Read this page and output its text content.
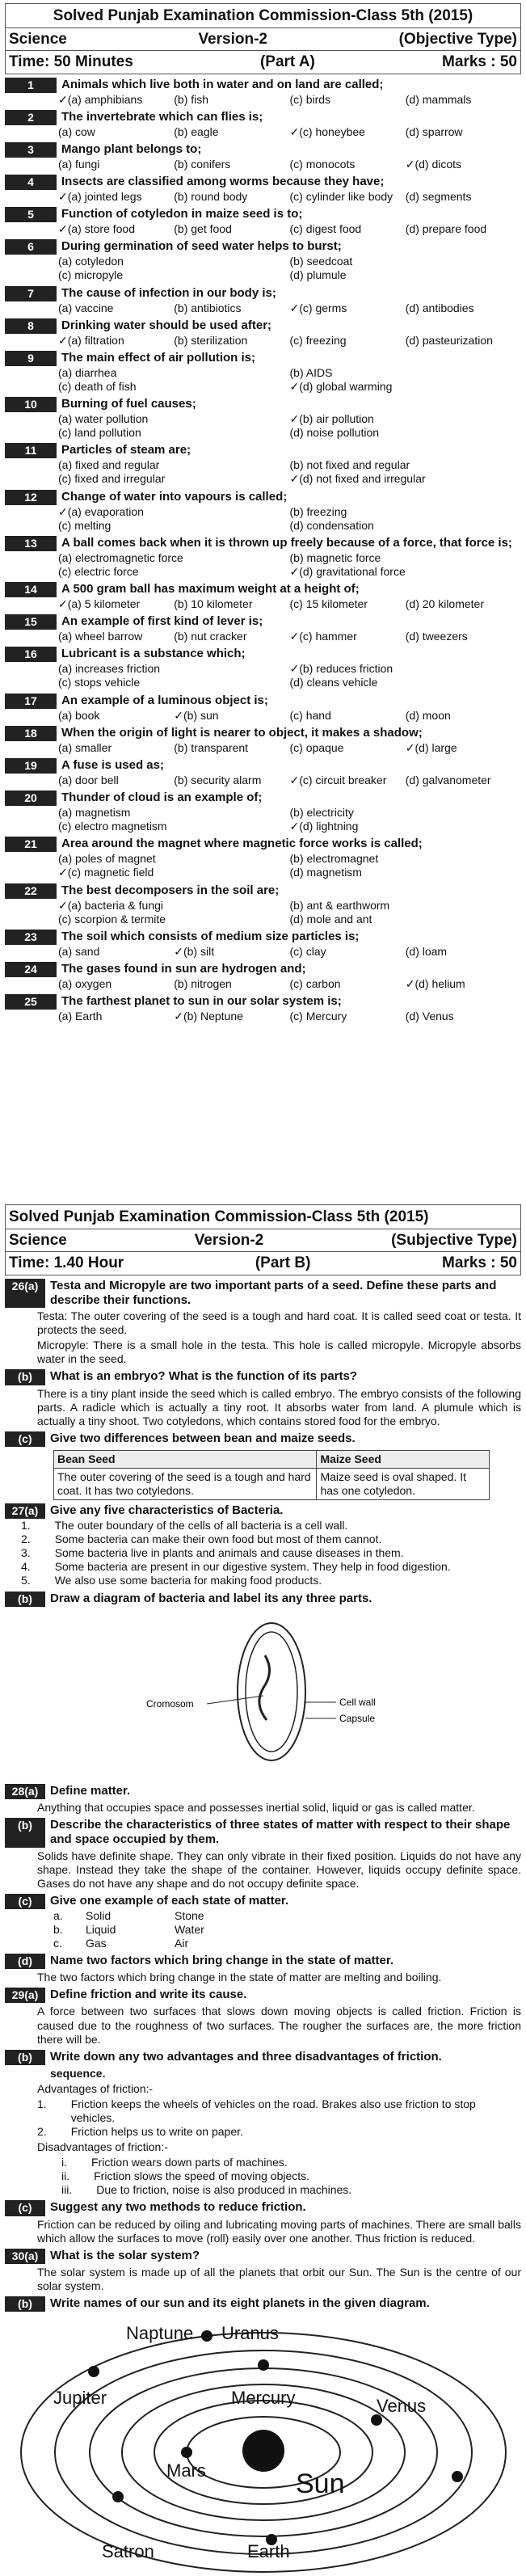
Solved Punjab Examination Commission-Class 5th (2015)
Science	Version-2	(Objective Type)
Time: 50 Minutes	(Part A)	Marks : 50
1	Animals which live both in water and on land are called;
✓(a) amphibians	(b) fish	(c) birds	(d) mammals
2	The invertebrate which can flies is;
(a) cow	(b) eagle	✓(c) honeybee	(d) sparrow
3	Mango plant belongs to;
(a) fungi	(b) conifers	(c) monocots	✓(d) dicots
4	Insects are classified among worms because they have;
✓(a) jointed legs	(b) round body	(c) cylinder like body	(d) segments
5	Function of cotyledon in maize seed is to;
✓(a) store food	(b) get food	(c) digest food	(d) prepare food
6	During germination of seed water helps to burst;
(a) cotyledon	(b) seedcoat
(c) micropyle	(d) plumule
7	The cause of infection in our body is;
(a) vaccine	(b) antibiotics	✓(c) germs	(d) antibodies
8	Drinking water should be used after;
✓(a) filtration	(b) sterilization	(c) freezing	(d) pasteurization
9	The main effect of air pollution is;
(a) diarrhea	(b) AIDS
(c) death of fish	✓(d) global warming
10	Burning of fuel causes;
(a) water pollution	✓(b) air pollution
(c) land pollution	(d) noise pollution
11	Particles of steam are;
(a) fixed and regular	(b) not fixed and regular
(c) fixed and irregular	✓(d) not fixed and irregular
12	Change of water into vapours is called;
✓(a) evaporation	(b) freezing
(c) melting	(d) condensation
13	A ball comes back when it is thrown up freely because of a force, that force is;
(a) electromagnetic force	(b) magnetic force
(c) electric force	✓(d) gravitational force
14	A 500 gram ball has maximum weight at a height of;
✓(a) 5 kilometer	(b) 10 kilometer	(c) 15 kilometer	(d) 20 kilometer
15	An example of first kind of lever is;
(a) wheel barrow	(b) nut cracker	✓(c) hammer	(d) tweezers
16	Lubricant is a substance which;
(a) increases friction	✓(b) reduces friction
(c) stops vehicle	(d) cleans vehicle
17	An example of a luminous object is;
(a) book	✓(b) sun	(c) hand	(d) moon
18	When the origin of light is nearer to object, it makes a shadow;
(a) smaller	(b) transparent	(c) opaque	✓(d) large
19	A fuse is used as;
(a) door bell	(b) security alarm	✓(c) circuit breaker	(d) galvanometer
20	Thunder of cloud is an example of;
(a) magnetism	(b) electricity
(c) electro magnetism	✓(d) lightning
21	Area around the magnet where magnetic force works is called;
(a) poles of magnet	(b) electromagnet
✓(c) magnetic field	(d) magnetism
22	The best decomposers in the soil are;
✓(a) bacteria & fungi	(b) ant & earthworm
(c) scorpion & termite	(d) mole and ant
23	The soil which consists of medium size particles is;
(a) sand	✓(b) silt	(c) clay	(d) loam
24	The gases found in sun are hydrogen and;
(a) oxygen	(b) nitrogen	(c) carbon	✓(d) helium
25	The farthest planet to sun in our solar system is;
(a) Earth	✓(b) Neptune	(c) Mercury	(d) Venus
Solved Punjab Examination Commission-Class 5th (2015)
Science	Version-2	(Subjective Type)
Time: 1.40 Hour	(Part B)	Marks : 50
26(a) Testa and Micropyle are two important parts of a seed. Define these parts and describe their functions.

Testa: The outer covering of the seed is a tough and hard coat. It is called seed coat or testa. It protects the seed.

Micropyle: There is a small hole in the testa. This hole is called micropyle. Micropyle absorbs water in the seed.

(b)	What is an embryo? What is the function of its parts?

There is a tiny plant inside the seed which is called embryo. The embryo consists of the following parts. A radicle which is actually a tiny root. It absorbs water from land. A plumule which is actually a tiny shoot. Two cotyledons, which contains stored food for the embryo.

(c)	Give two differences between bean and maize seeds.
Bean Seed	Maize Seed
The outer covering of the seed is a tough and hard coat. It has two cotyledons.	Maize seed is oval shaped. It has one cotyledon.
27(a) Give any five characteristics of Bacteria.
1. The outer boundary of the cells of all bacteria is a cell wall.
2. Some bacteria can make their own food but most of them cannot.
3. Some bacteria live in plants and animals and cause diseases in them.
4. Some bacteria are present in our digestive system. They help in food digestion.
5. We also use some bacteria for making food products.
(b)	Draw a diagram of bacteria and label its any three parts.
Cromosom	Cell wall
Capsule
28(a) Define matter.

Anything that occupies space and possesses inertial solid, liquid or gas is called matter.

(b)	Describe the characteristics of three states of matter with respect to their shape and space occupied by them.

Solids have definite shape. They can only vibrate in their fixed position. Liquids do not have any shape. Instead they take the shape of the container. However, liquids occupy definite space. Gases do not have any shape and do not occupy definite space.

(c)	Give one example of each state of matter.
a.	Solid	Stone
b.	Liquid	Water
c.	Gas	Air
(d)	Name two factors which bring change in the state of matter.

The two factors which bring change in the state of matter are melting and boiling.

29(a) Define friction and write its cause.

A force between two surfaces that slows down moving objects is called friction. Friction is caused due to the roughness of two surfaces. The rougher the surfaces are, the more friction there will be.

(b)	Write down any two advantages and three disadvantages of friction.

sequence.

Advantages of friction:-

1. Friction keeps the wheels of vehicles on the road. Brakes also use friction to stop vehicles.
2. Friction helps us to write on paper.

Disadvantages of friction:-

i. Friction wears down parts of machines.
ii. Friction slows the speed of moving objects.
iii. Due to friction, noise is also produced in machines.
(c)	Suggest any two methods to reduce friction.

Friction can be reduced by oiling and lubricating moving parts of machines. There are small balls which allow the surfaces to move (roll) easily over one another. Thus friction is reduced.

30(a) What is the solar system?

The solar system is made up of all the planets that orbit our Sun. The Sun is the centre of our solar system.

(b)	Write names of our sun and its eight planets in the given diagram.
Naptune Uranus
Jupiter	Mercury	Venus
Mars	Sun
Satron	Earth
